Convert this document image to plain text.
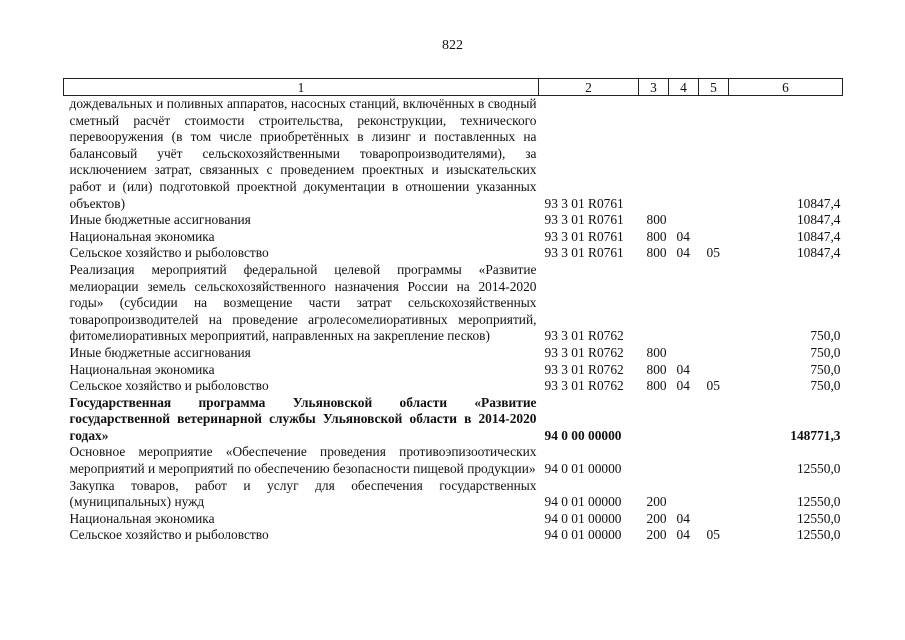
822
1	2	3	4	5	6
дождевальных и поливных аппаратов, насосных станций, включённых в сводный сметный расчёт стоимости строительства, реконструкции, технического перевооружения (в том числе приобретённых в лизинг и поставленных на балансовый учёт сельскохозяйственными товаропроизводителями), за исключением затрат, связанных с проведением проектных и изыскательских работ и (или) подготовкой проектной документации в отношении указанных объектов)	93 3 01 R0761				10847,4
Иные бюджетные ассигнования	93 3 01 R0761	800			10847,4
Национальная экономика	93 3 01 R0761	800	04		10847,4
Сельское хозяйство и рыболовство	93 3 01 R0761	800	04	05	10847,4
Реализация мероприятий федеральной целевой программы «Развитие мелиорации земель сельскохозяйственного назначения России на 2014-2020 годы» (субсидии на возмещение части затрат сельскохозяйственных товаропроизводителей на проведение агролесомелиоративных мероприятий, фитомелиоративных мероприятий, направленных на закрепление песков)	93 3 01 R0762				750,0
Иные бюджетные ассигнования	93 3 01 R0762	800			750,0
Национальная экономика	93 3 01 R0762	800	04		750,0
Сельское хозяйство и рыболовство	93 3 01 R0762	800	04	05	750,0
Государственная программа Ульяновской области «Развитие государственной ветеринарной службы Ульяновской области в 2014-2020 годах»	94 0 00 00000				148771,3
Основное мероприятие «Обеспечение проведения противоэпизоотических мероприятий и мероприятий по обеспечению безопасности пищевой продукции»	94 0 01 00000				12550,0
Закупка товаров, работ и услуг для обеспечения государственных (муниципальных) нужд	94 0 01 00000	200			12550,0
Национальная экономика	94 0 01 00000	200	04		12550,0
Сельское хозяйство и рыболовство	94 0 01 00000	200	04	05	12550,0
